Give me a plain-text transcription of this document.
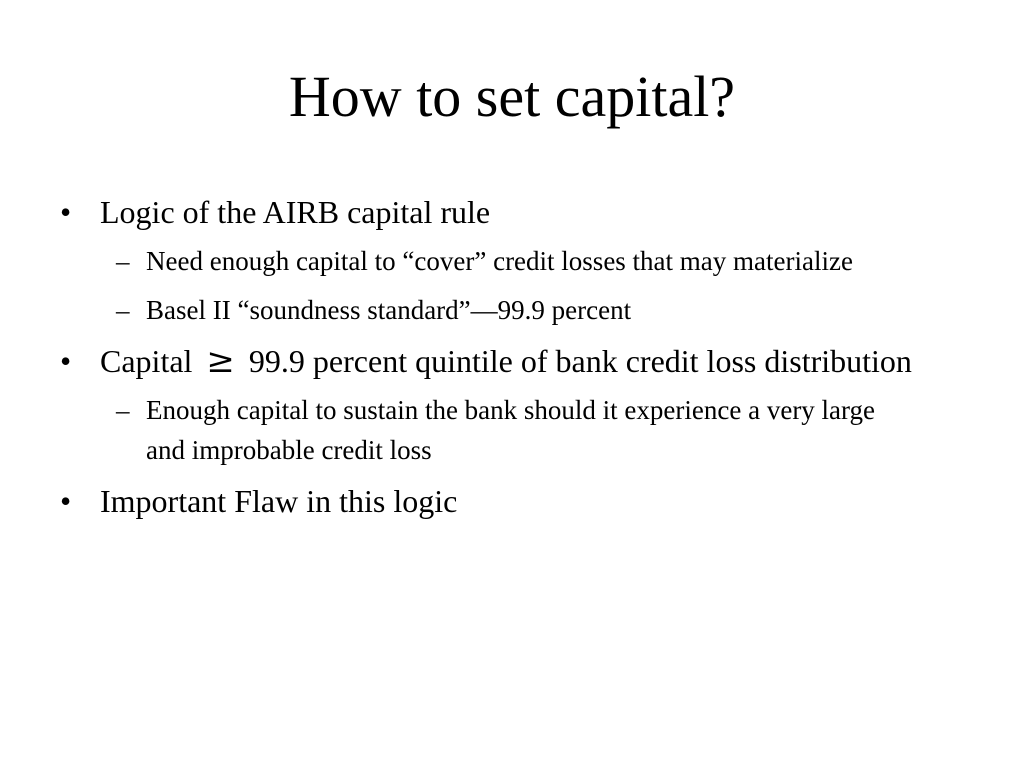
How to set capital?
• Logic of the AIRB capital rule
– Need enough capital to “cover” credit losses that may materialize
– Basel II “soundness standard”—99.9 percent
• Capital ≥ 99.9 percent quintile of bank credit loss distribution
– Enough capital to sustain the bank should it experience a very large and improbable credit loss
• Important Flaw in this logic
